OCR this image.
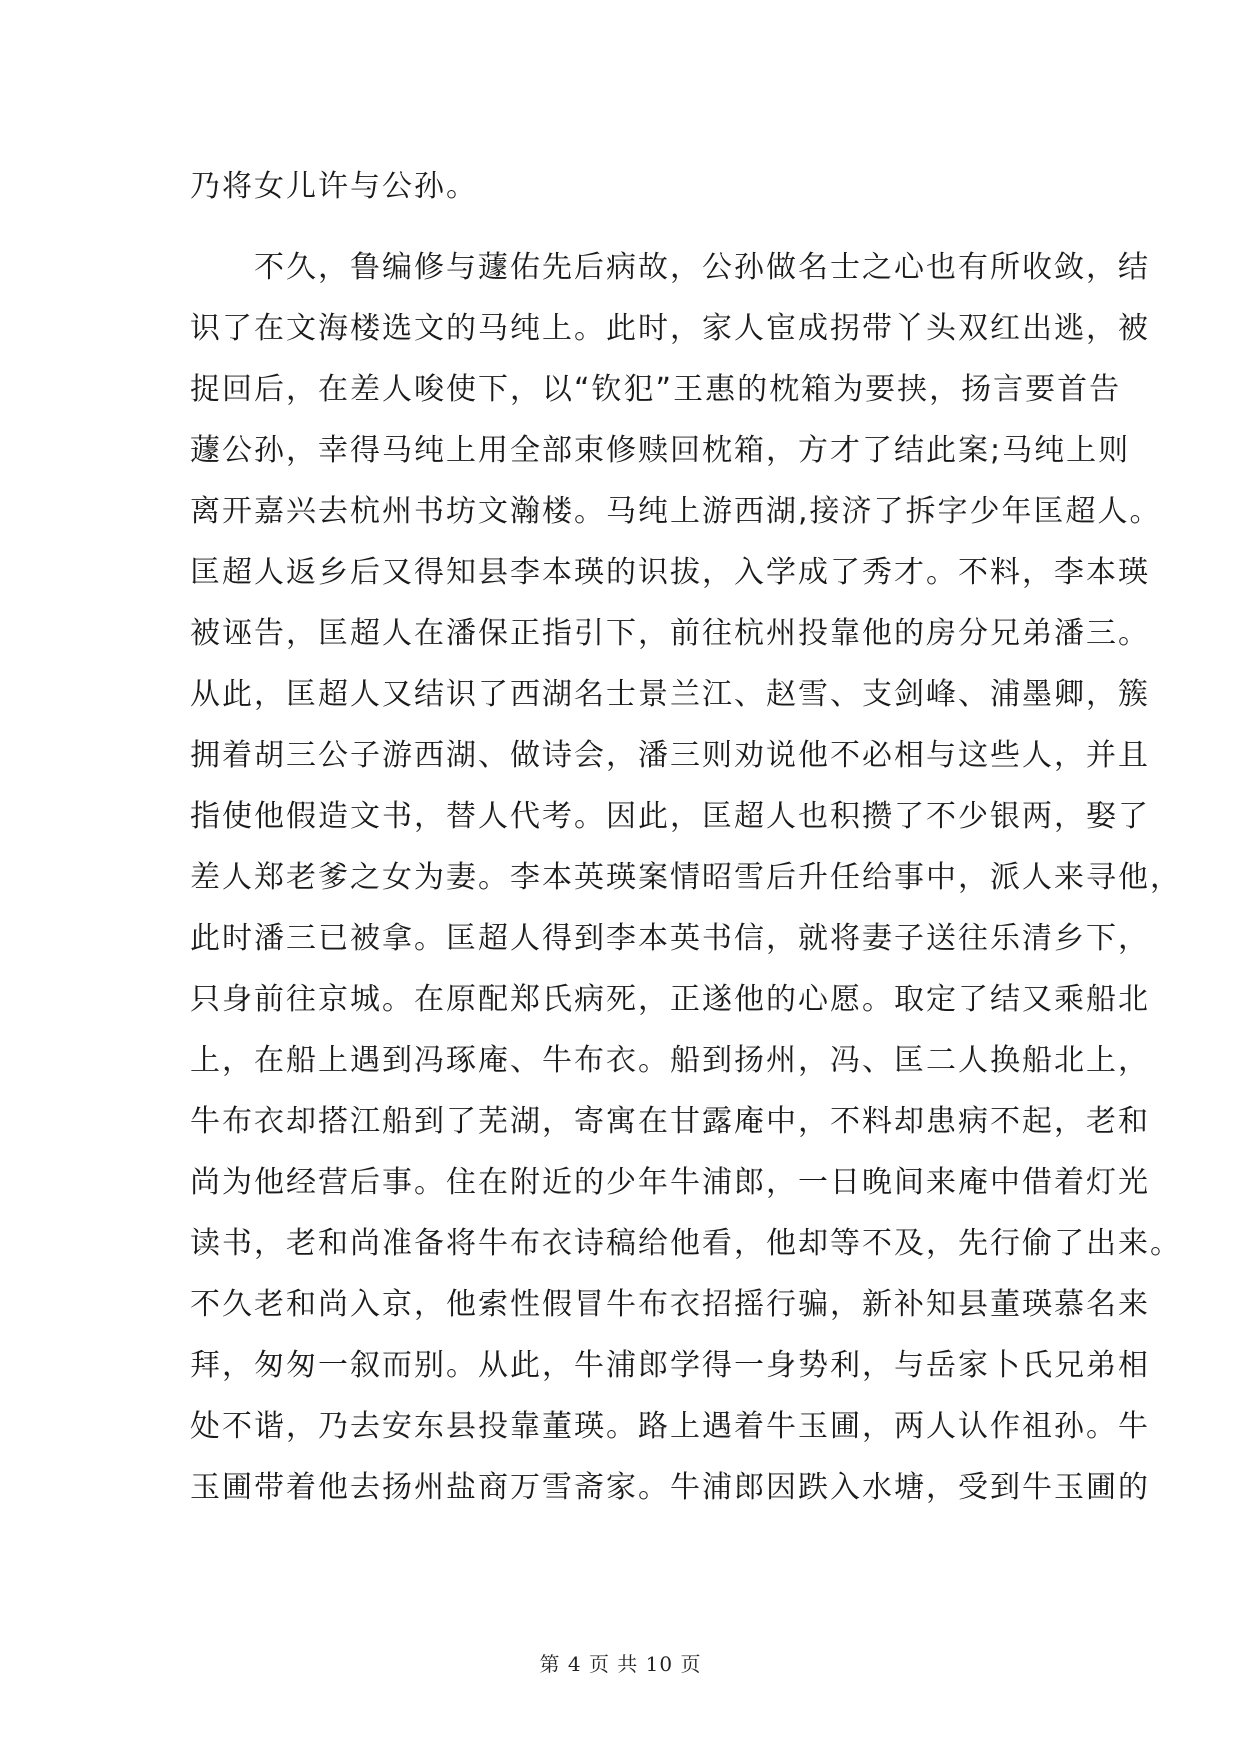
乃将女儿许与公孙。
　　不久，鲁编修与蘧佑先后病故，公孙做名士之心也有所收敛，结
识了在文海楼选文的马纯上。此时，家人宦成拐带丫头双红出逃，被
捉回后，在差人唆使下，以“钦犯”王惠的枕箱为要挟，扬言要首告
蘧公孙，幸得马纯上用全部束修赎回枕箱，方才了结此案;马纯上则
离开嘉兴去杭州书坊文瀚楼。马纯上游西湖,接济了拆字少年匡超人。
匡超人返乡后又得知县李本瑛的识拔，入学成了秀才。不料，李本瑛
被诬告，匡超人在潘保正指引下，前往杭州投靠他的房分兄弟潘三。
从此，匡超人又结识了西湖名士景兰江、赵雪、支剑峰、浦墨卿，簇
拥着胡三公子游西湖、做诗会，潘三则劝说他不必相与这些人，并且
指使他假造文书，替人代考。因此，匡超人也积攒了不少银两，娶了
差人郑老爹之女为妻。李本英瑛案情昭雪后升任给事中，派人来寻他，
此时潘三已被拿。匡超人得到李本英书信，就将妻子送往乐清乡下，
只身前往京城。在原配郑氏病死，正遂他的心愿。取定了结又乘船北
上，在船上遇到冯琢庵、牛布衣。船到扬州，冯、匡二人换船北上，
牛布衣却搭江船到了芜湖，寄寓在甘露庵中，不料却患病不起，老和
尚为他经营后事。住在附近的少年牛浦郎，一日晚间来庵中借着灯光
读书，老和尚准备将牛布衣诗稿给他看，他却等不及，先行偷了出来。
不久老和尚入京，他索性假冒牛布衣招摇行骗，新补知县董瑛慕名来
拜，匆匆一叙而别。从此，牛浦郎学得一身势利，与岳家卜氏兄弟相
处不谐，乃去安东县投靠董瑛。路上遇着牛玉圃，两人认作祖孙。牛
玉圃带着他去扬州盐商万雪斋家。牛浦郎因跌入水塘，受到牛玉圃的
第 4 页 共 10 页
